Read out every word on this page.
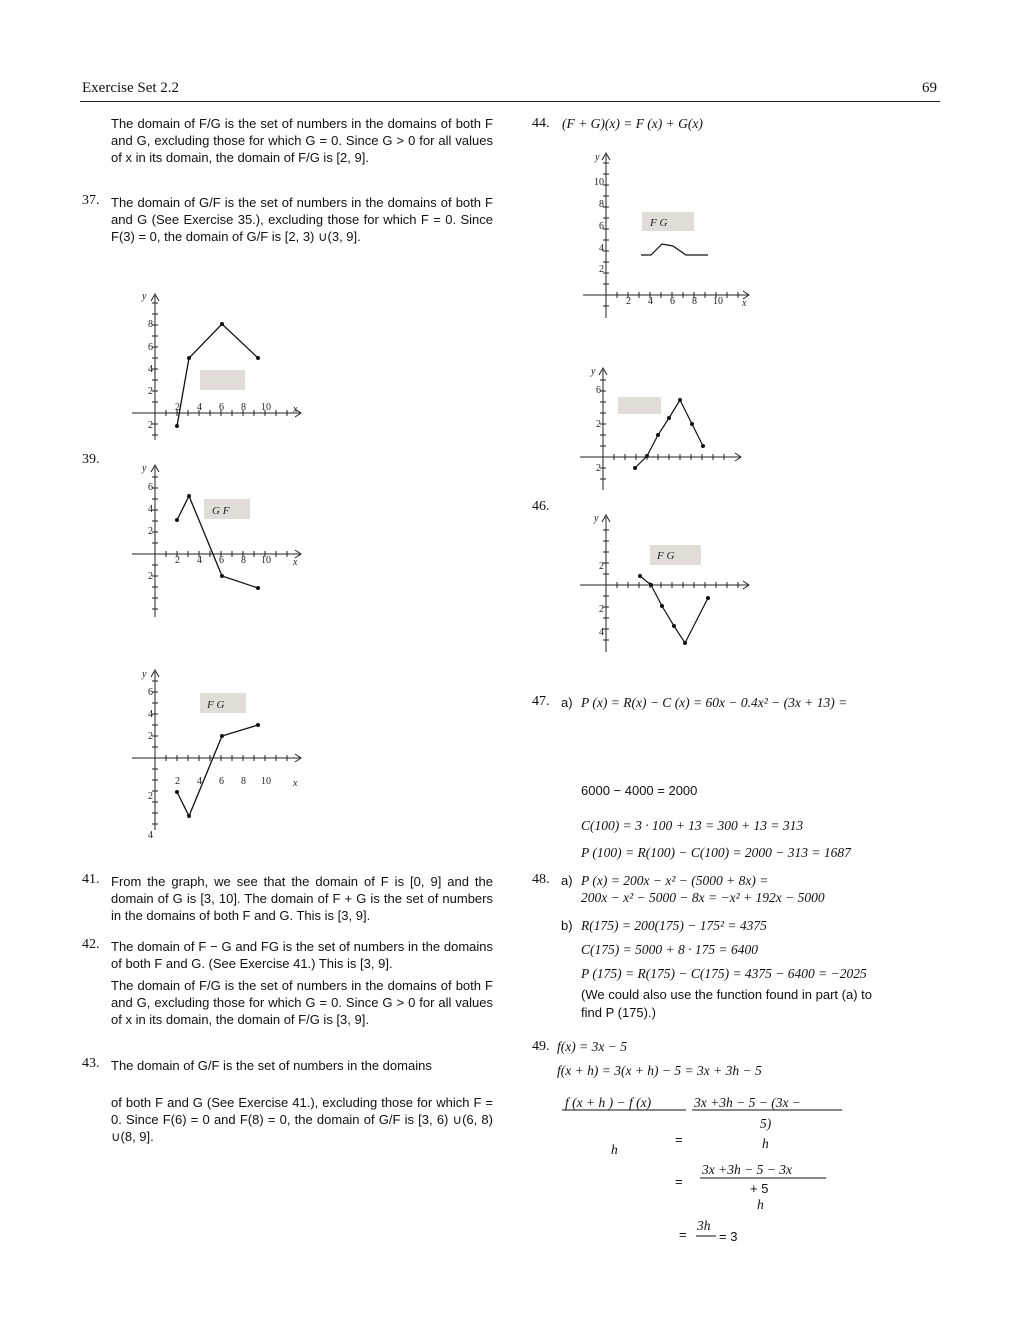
Exercise Set 2.2	69
The domain of F/G is the set of numbers in the domains of both F and G, excluding those for which G = 0. Since G > 0 for all values of x in its domain, the domain of F/G is [2, 9].
37. The domain of G/F is the set of numbers in the domains of both F and G (See Exercise 35.), excluding those for which F = 0. Since F(3) = 0, the domain of G/F is [2, 3) ∪(3, 9].
39.
41. From the graph, we see that the domain of F is [0, 9] and the domain of G is [3, 10]. The domain of F + G is the set of numbers in the domains of both F and G. This is [3, 9].
42. The domain of F − G and FG is the set of numbers in the domains of both F and G. (See Exercise 41.) This is [3, 9].
The domain of F/G is the set of numbers in the domains of both F and G, excluding those for which G = 0. Since G > 0 for all values of x in its domain, the domain of F/G is [3, 9].
43. The domain of G/F is the set of numbers in the domains
of both F and G (See Exercise 41.), excluding those for which F = 0. Since F(6) = 0 and F(8) = 0, the domain of G/F is [3, 6) ∪(6, 8) ∪(8, 9].
y
x
8
6
4
2
2
2 4 6 8 10
G F
y
x
6
4
2
2
2 4 6 8 10
F G
y
x
6
4
2
2
4
2 4 6 8 10
F G
y
x
10
8
6
4
2
2 4 6 8 10
y
6
2
2
F G
y
2
2
4
44. (F + G)(x) = F (x) + G(x)
46.
47. a) P (x) = R(x) − C (x) = 60x − 0.4x² − (3x + 13) =
6000 − 4000 = 2000
C(100) = 3 · 100 + 13 = 300 + 13 = 313
P (100) = R(100) − C(100) = 2000 − 313 = 1687
48. a) P (x) = 200x − x² − (5000 + 8x) =
200x − x² − 5000 − 8x = −x² + 192x − 5000
b) R(175) = 200(175) − 175² = 4375
C(175) = 5000 + 8 · 175 = 6400
P (175) = R(175) − C(175) = 4375 − 6400 = −2025
(We could also use the function found in part (a) to
find P (175).)
49. f(x) = 3x − 5
f(x + h) = 3(x + h) − 5 = 3x + 3h − 5
f (x + h ) − f (x)	3x +3h − 5 − (3x −
5)
h	h
=
3x +3h − 5 − 3x
+ 5
h
=
=
3h
= 3
